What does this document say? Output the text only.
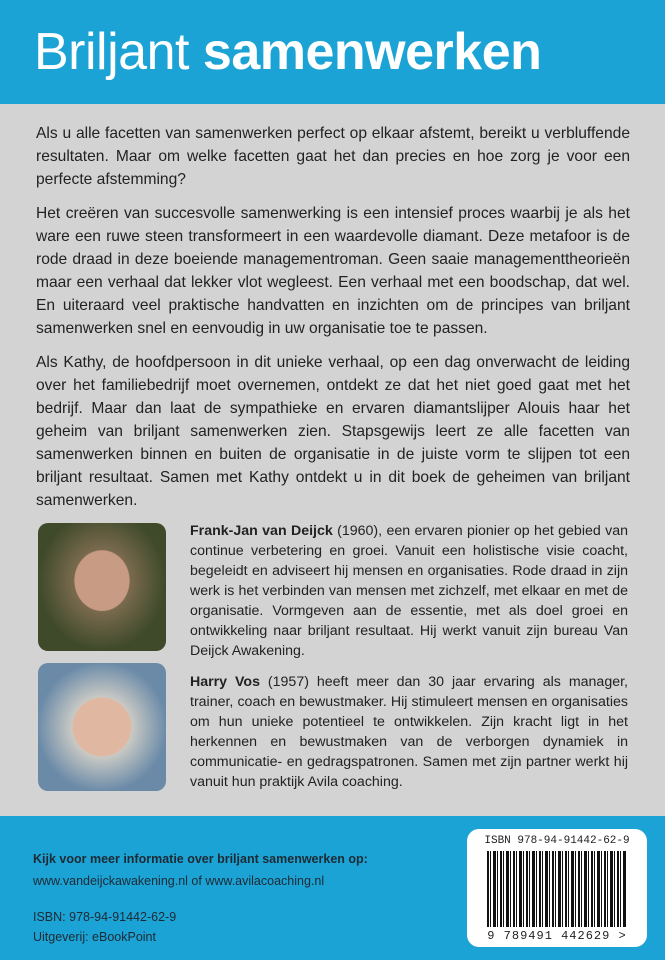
Briljant samenwerken

Als u alle facetten van samenwerken perfect op elkaar afstemt, bereikt u verbluffende resultaten. Maar om welke facetten gaat het dan precies en hoe zorg je voor een perfecte afstemming?

Het creëren van succesvolle samenwerking is een intensief proces waarbij je als het ware een ruwe steen transformeert in een waardevolle diamant. Deze metafoor is de rode draad in deze boeiende managementroman. Geen saaie managementtheorieën maar een verhaal dat lekker vlot wegleest. Een verhaal met een boodschap, dat wel. En uiteraard veel praktische handvatten en inzichten om de principes van briljant samenwerken snel en eenvoudig in uw organisatie toe te passen.

Als Kathy, de hoofdpersoon in dit unieke verhaal, op een dag onverwacht de leiding over het familiebedrijf moet overnemen, ontdekt ze dat het niet goed gaat met het bedrijf. Maar dan laat de sympathieke en ervaren diamantslijper Alouis haar het geheim van briljant samenwerken zien. Stapsgewijs leert ze alle facetten van samenwerken binnen en buiten de organisatie in de juiste vorm te slijpen tot een briljant resultaat. Samen met Kathy ontdekt u in dit boek de geheimen van briljant samenwerken.

Frank-Jan van Deijck (1960), een ervaren pionier op het gebied van continue verbetering en groei. Vanuit een holistische visie coacht, begeleidt en adviseert hij mensen en organisaties. Rode draad in zijn werk is het verbinden van mensen met zichzelf, met elkaar en met de organisatie. Vormgeven aan de essentie, met als doel groei en ontwikkeling naar briljant resultaat. Hij werkt vanuit zijn bureau Van Deijck Awakening.
Harry Vos (1957) heeft meer dan 30 jaar ervaring als manager, trainer, coach en bewustmaker. Hij stimuleert mensen en organisaties om hun unieke potentieel te ontwikkelen. Zijn kracht ligt in het herkennen en bewustmaken van de verborgen dynamiek in communicatie- en gedragspatronen. Samen met zijn partner werkt hij vanuit hun praktijk Avila coaching.
Kijk voor meer informatie over briljant samenwerken op:
www.vandeijckawakening.nl of www.avilacoaching.nl
ISBN: 978-94-91442-62-9
Uitgeverij: eBookPoint
ISBN 978-94-91442-62-9
9 789491 442629 >
